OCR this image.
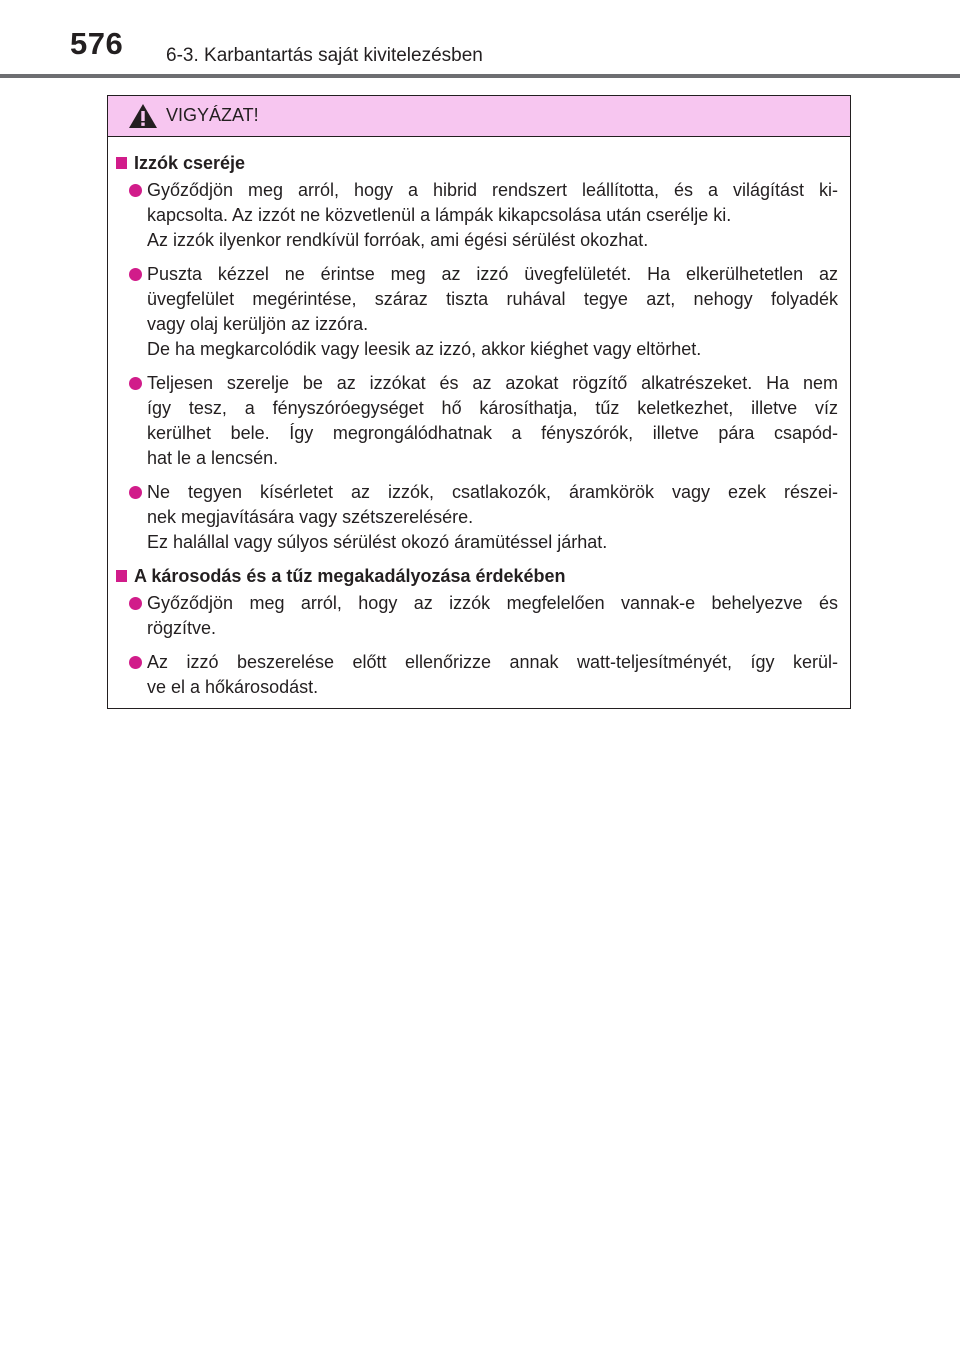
576 6-3. Karbantartás saját kivitelezésben
VIGYÁZAT!
Izzók cseréje

Győződjön meg arról, hogy a hibrid rendszert leállította, és a világítást ki-
kapcsolta. Az izzót ne közvetlenül a lámpák kikapcsolása után cserélje ki.
Az izzók ilyenkor rendkívül forróak, ami égési sérülést okozhat.

Puszta kézzel ne érintse meg az izzó üvegfelületét. Ha elkerülhetetlen az
üvegfelület megérintése, száraz tiszta ruhával tegye azt, nehogy folyadék
vagy olaj kerüljön az izzóra.
De ha megkarcolódik vagy leesik az izzó, akkor kiéghet vagy eltörhet.

Teljesen szerelje be az izzókat és az azokat rögzítő alkatrészeket. Ha nem
így tesz, a fényszóróegységet hő károsíthatja, tűz keletkezhet, illetve víz
kerülhet bele. Így megrongálódhatnak a fényszórók, illetve pára csapód-
hat le a lencsén.

Ne tegyen kísérletet az izzók, csatlakozók, áramkörök vagy ezek részei-
nek megjavítására vagy szétszerelésére.
Ez halállal vagy súlyos sérülést okozó áramütéssel járhat.

A károsodás és a tűz megakadályozása érdekében

Győződjön meg arról, hogy az izzók megfelelően vannak-e behelyezve és
rögzítve.

Az izzó beszerelése előtt ellenőrizze annak watt-teljesítményét, így kerül-
ve el a hőkárosodást.
